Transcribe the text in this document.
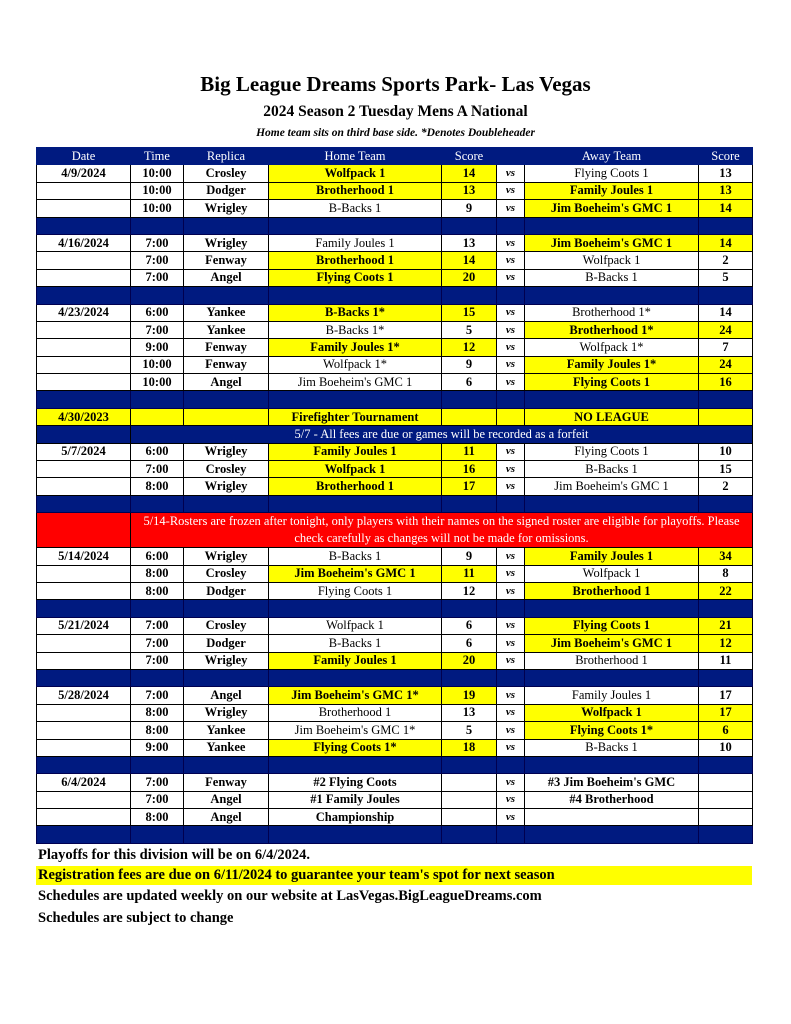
Big League Dreams Sports Park- Las Vegas
2024 Season 2 Tuesday Mens A National
Home team sits on third base side. *Denotes Doubleheader
Date	Time	Replica	Home Team	Score		Away Team	Score
4/9/2024	10:00	Crosley	Wolfpack 1	14	vs	Flying Coots 1	13
	10:00	Dodger	Brotherhood 1	13	vs	Family Joules 1	13
	10:00	Wrigley	B-Backs 1	9	vs	Jim Boeheim's GMC 1	14

4/16/2024	7:00	Wrigley	Family Joules 1	13	vs	Jim Boeheim's GMC 1	14
	7:00	Fenway	Brotherhood 1	14	vs	Wolfpack 1	2
	7:00	Angel	Flying Coots 1	20	vs	B-Backs 1	5

4/23/2024	6:00	Yankee	B-Backs 1*	15	vs	Brotherhood 1*	14
	7:00	Yankee	B-Backs 1*	5	vs	Brotherhood 1*	24
	9:00	Fenway	Family Joules 1*	12	vs	Wolfpack 1*	7
	10:00	Fenway	Wolfpack 1*	9	vs	Family Joules 1*	24
	10:00	Angel	Jim Boeheim's GMC 1	6	vs	Flying Coots 1	16

4/30/2023			Firefighter Tournament			NO LEAGUE	
	5/7 - All fees are due or games will be recorded as a forfeit						
5/7/2024	6:00	Wrigley	Family Joules 1	11	vs	Flying Coots 1	10
	7:00	Crosley	Wolfpack 1	16	vs	B-Backs 1	15
	8:00	Wrigley	Brotherhood 1	17	vs	Jim Boeheim's GMC 1	2

	5/14-Rosters are frozen after tonight, only players with their names on the signed roster are eligible for playoffs. Please check carefully as changes will not be made for omissions.						
5/14/2024	6:00	Wrigley	B-Backs 1	9	vs	Family Joules 1	34
	8:00	Crosley	Jim Boeheim's GMC 1	11	vs	Wolfpack 1	8
	8:00	Dodger	Flying Coots 1	12	vs	Brotherhood 1	22

5/21/2024	7:00	Crosley	Wolfpack 1	6	vs	Flying Coots 1	21
	7:00	Dodger	B-Backs 1	6	vs	Jim Boeheim's GMC 1	12
	7:00	Wrigley	Family Joules 1	20	vs	Brotherhood 1	11

5/28/2024	7:00	Angel	Jim Boeheim's GMC 1*	19	vs	Family Joules 1	17
	8:00	Wrigley	Brotherhood 1	13	vs	Wolfpack 1	17
	8:00	Yankee	Jim Boeheim's GMC 1*	5	vs	Flying Coots 1*	6
	9:00	Yankee	Flying Coots 1*	18	vs	B-Backs 1	10

6/4/2024	7:00	Fenway	#2 Flying Coots		vs	#3 Jim Boeheim's GMC	
	7:00	Angel	#1 Family Joules		vs	#4 Brotherhood	
	8:00	Angel	Championship		vs		

Playoffs for this division will be on 6/4/2024.
Registration fees are due on 6/11/2024 to guarantee your team's spot for next season
Schedules are updated weekly on our website at LasVegas.BigLeagueDreams.com
Schedules are subject to change
